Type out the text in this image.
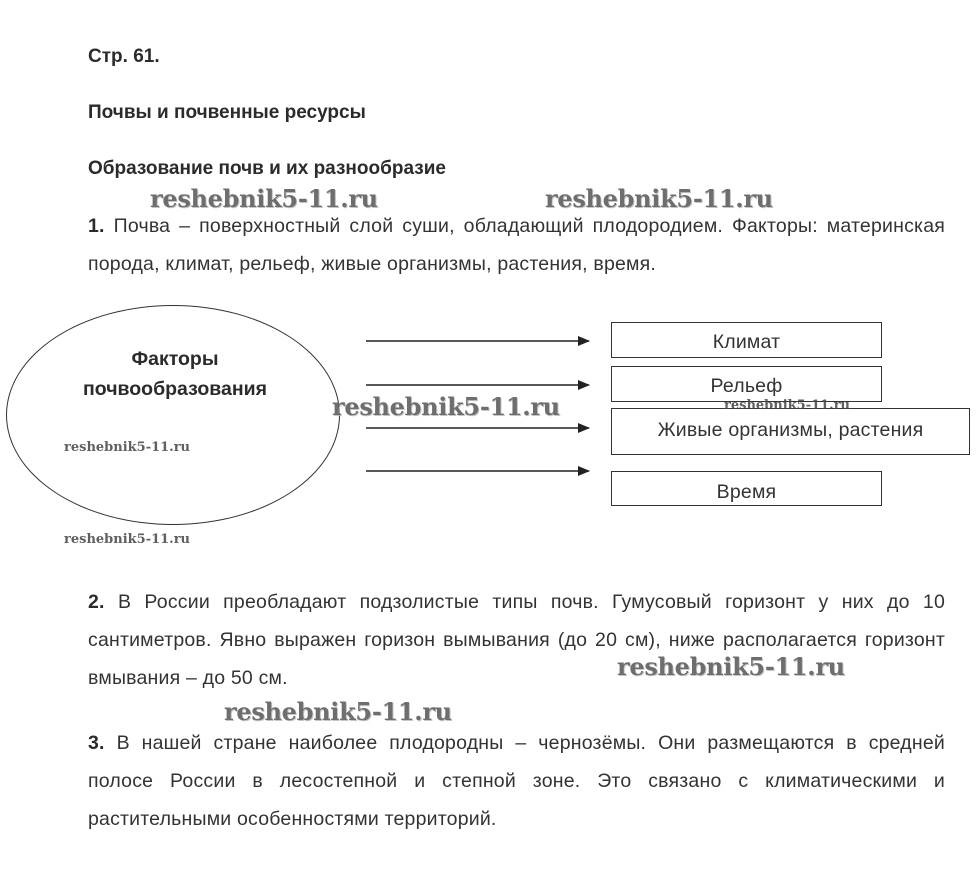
Стр. 61.
Почвы и почвенные ресурсы
Образование почв и их разнообразие
1. Почва – поверхностный слой суши, обладающий плодородием. Факторы: материнская порода, климат, рельеф, живые организмы, растения, время.
Факторы
почвообразования
Климат
Рельеф
Живые организмы, растения
Время
2. В России преобладают подзолистые типы почв. Гумусовый горизонт у них до 10 сантиметров. Явно выражен горизон вымывания (до 20 см), ниже располагается горизонт вмывания – до 50 см.
3. В нашей стране наиболее плодородны – чернозёмы. Они размещаются в средней полосе России в лесостепной и степной зоне. Это связано с климатическими и растительными особенностями территорий.
reshebnik5-11.ru	reshebnik5-11.ru
reshebnik5-11.ru	reshebnik5-11.ru
reshebnik5-11.ru
reshebnik5-11.ru
reshebnik5-11.ru
reshebnik5-11.ru
